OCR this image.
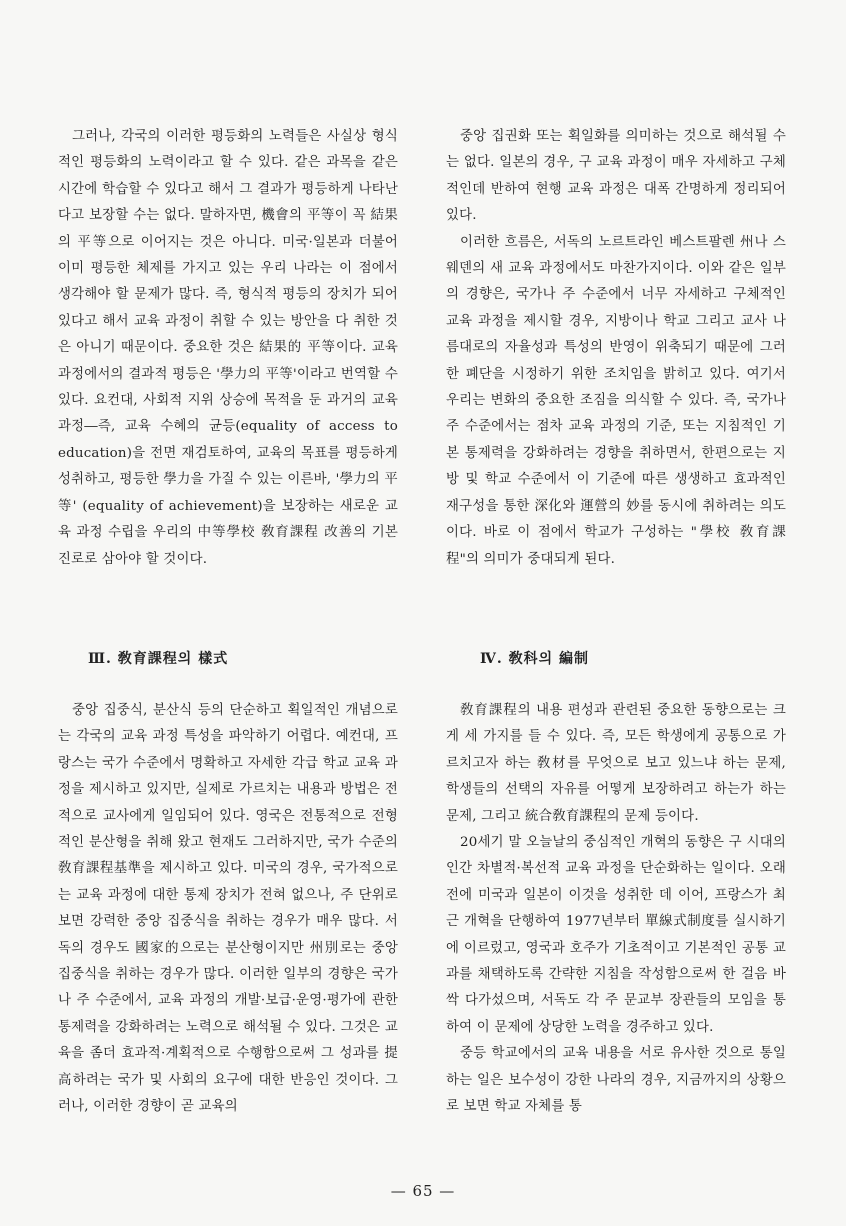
그러나, 각국의 이러한 평등화의 노력들은 사실상 형식적인 평등화의 노력이라고 할 수 있다. 같은 과목을 같은 시간에 학습할 수 있다고 해서 그 결과가 평등하게 나타난다고 보장할 수는 없다. 말하자면, 機會의 平等이 꼭 結果의 平等으로 이어지는 것은 아니다. 미국·일본과 더불어 이미 평등한 체제를 가지고 있는 우리 나라는 이 점에서 생각해야 할 문제가 많다. 즉, 형식적 평등의 장치가 되어 있다고 해서 교육 과정이 취할 수 있는 방안을 다 취한 것은 아니기 때문이다. 중요한 것은 結果的 平等이다. 교육 과정에서의 결과적 평등은 '學力의 平等'이라고 번역할 수 있다. 요컨대, 사회적 지위 상승에 목적을 둔 과거의 교육 과정―즉, 교육 수혜의 균등(equality of access to education)을 전면 재검토하여, 교육의 목표를 평등하게 성취하고, 평등한 學力을 가질 수 있는 이른바, '學力의 平等' (equality of achievement)을 보장하는 새로운 교육 과정 수립을 우리의 中等學校 敎育課程 改善의 기본 진로로 삼아야 할 것이다.

중앙 집권화 또는 획일화를 의미하는 것으로 해석될 수는 없다. 일본의 경우, 구 교육 과정이 매우 자세하고 구체적인데 반하여 현행 교육 과정은 대폭 간명하게 정리되어 있다.

이러한 흐름은, 서독의 노르트라인 베스트팔렌 州나 스웨덴의 새 교육 과정에서도 마찬가지이다. 이와 같은 일부의 경향은, 국가나 주 수준에서 너무 자세하고 구체적인 교육 과정을 제시할 경우, 지방이나 학교 그리고 교사 나름대로의 자율성과 특성의 반영이 위축되기 때문에 그러한 폐단을 시정하기 위한 조치임을 밝히고 있다. 여기서 우리는 변화의 중요한 조짐을 의식할 수 있다. 즉, 국가나 주 수준에서는 점차 교육 과정의 기준, 또는 지침적인 기본 통제력을 강화하려는 경향을 취하면서, 한편으로는 지방 및 학교 수준에서 이 기준에 따른 생생하고 효과적인 재구성을 통한 深化와 運營의 妙를 동시에 취하려는 의도이다. 바로 이 점에서 학교가 구성하는 "學校 敎育課程"의 의미가 중대되게 된다.

Ⅲ. 敎育課程의 樣式	Ⅳ. 敎科의 編制

중앙 집중식, 분산식 등의 단순하고 획일적인 개념으로는 각국의 교육 과정 특성을 파악하기 어렵다. 예컨대, 프랑스는 국가 수준에서 명확하고 자세한 각급 학교 교육 과정을 제시하고 있지만, 실제로 가르치는 내용과 방법은 전적으로 교사에게 일임되어 있다. 영국은 전통적으로 전형적인 분산형을 취해 왔고 현재도 그러하지만, 국가 수준의 敎育課程基準을 제시하고 있다. 미국의 경우, 국가적으로는 교육 과정에 대한 통제 장치가 전혀 없으나, 주 단위로 보면 강력한 중앙 집중식을 취하는 경우가 매우 많다. 서독의 경우도 國家的으로는 분산형이지만 州別로는 중앙 집중식을 취하는 경우가 많다. 이러한 일부의 경향은 국가나 주 수준에서, 교육 과정의 개발·보급·운영·평가에 관한 통제력을 강화하려는 노력으로 해석될 수 있다. 그것은 교육을 좀더 효과적·계획적으로 수행함으로써 그 성과를 提高하려는 국가 및 사회의 요구에 대한 반응인 것이다. 그러나, 이러한 경향이 곧 교육의

敎育課程의 내용 편성과 관련된 중요한 동향으로는 크게 세 가지를 들 수 있다. 즉, 모든 학생에게 공통으로 가르치고자 하는 敎材를 무엇으로 보고 있느냐 하는 문제, 학생들의 선택의 자유를 어떻게 보장하려고 하는가 하는 문제, 그리고 統合敎育課程의 문제 등이다.

20세기 말 오늘날의 중심적인 개혁의 동향은 구 시대의 인간 차별적·복선적 교육 과정을 단순화하는 일이다. 오래 전에 미국과 일본이 이것을 성취한 데 이어, 프랑스가 최근 개혁을 단행하여 1977년부터 單線式制度를 실시하기에 이르렀고, 영국과 호주가 기초적이고 기본적인 공통 교과를 채택하도록 간략한 지침을 작성함으로써 한 걸음 바싹 다가섰으며, 서독도 각 주 문교부 장관들의 모임을 통하여 이 문제에 상당한 노력을 경주하고 있다.

중등 학교에서의 교육 내용을 서로 유사한 것으로 통일하는 일은 보수성이 강한 나라의 경우, 지금까지의 상황으로 보면 학교 자체를 통

— 65 —
